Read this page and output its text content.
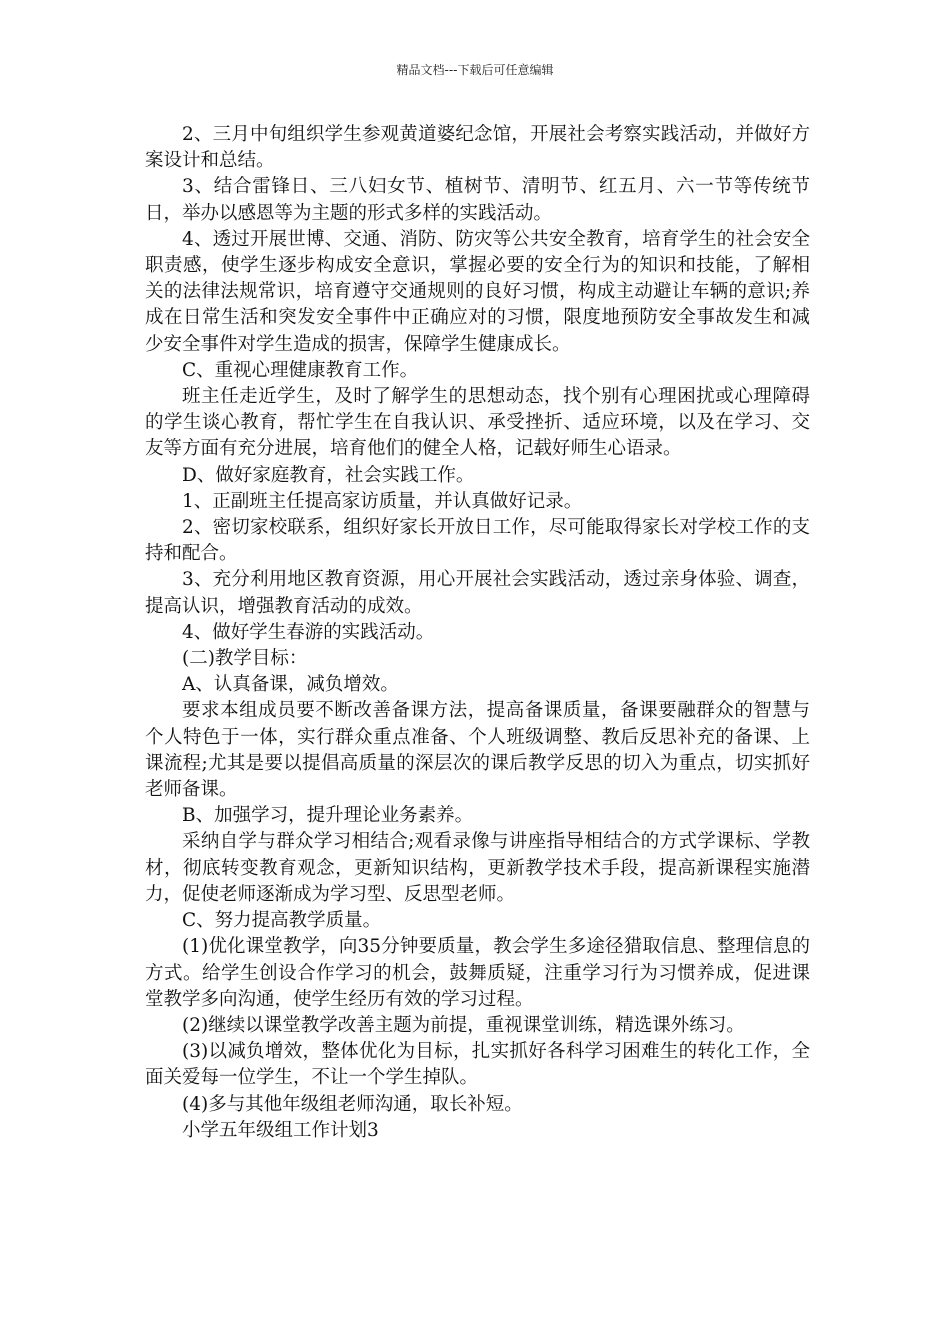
精品文档---下载后可任意编辑

2、三月中旬组织学生参观黄道婆纪念馆，开展社会考察实践活动，并做好方案设计和总结。

3、结合雷锋日、三八妇女节、植树节、清明节、红五月、六一节等传统节日，举办以感恩等为主题的形式多样的实践活动。

4、透过开展世博、交通、消防、防灾等公共安全教育，培育学生的社会安全职责感，使学生逐步构成安全意识，掌握必要的安全行为的知识和技能，了解相关的法律法规常识，培育遵守交通规则的良好习惯，构成主动避让车辆的意识;养成在日常生活和突发安全事件中正确应对的习惯，限度地预防安全事故发生和减少安全事件对学生造成的损害，保障学生健康成长。

C、重视心理健康教育工作。

班主任走近学生，及时了解学生的思想动态，找个别有心理困扰或心理障碍的学生谈心教育，帮忙学生在自我认识、承受挫折、适应环境，以及在学习、交友等方面有充分进展，培育他们的健全人格，记载好师生心语录。

D、做好家庭教育，社会实践工作。

1、正副班主任提高家访质量，并认真做好记录。

2、密切家校联系，组织好家长开放日工作，尽可能取得家长对学校工作的支持和配合。

3、充分利用地区教育资源，用心开展社会实践活动，透过亲身体验、调查，提高认识，增强教育活动的成效。

4、做好学生春游的实践活动。

(二)教学目标：

A、认真备课，减负增效。

要求本组成员要不断改善备课方法，提高备课质量，备课要融群众的智慧与个人特色于一体，实行群众重点准备、个人班级调整、教后反思补充的备课、上课流程;尤其是要以提倡高质量的深层次的课后教学反思的切入为重点，切实抓好老师备课。

B、加强学习，提升理论业务素养。

采纳自学与群众学习相结合;观看录像与讲座指导相结合的方式学课标、学教材，彻底转变教育观念，更新知识结构，更新教学技术手段，提高新课程实施潜力，促使老师逐渐成为学习型、反思型老师。

C、努力提高教学质量。

(1)优化课堂教学，向35分钟要质量，教会学生多途径猎取信息、整理信息的方式。给学生创设合作学习的机会，鼓舞质疑，注重学习行为习惯养成，促进课堂教学多向沟通，使学生经历有效的学习过程。

(2)继续以课堂教学改善主题为前提，重视课堂训练，精选课外练习。

(3)以减负增效，整体优化为目标，扎实抓好各科学习困难生的转化工作，全面关爱每一位学生，不让一个学生掉队。

(4)多与其他年级组老师沟通，取长补短。

小学五年级组工作计划3
